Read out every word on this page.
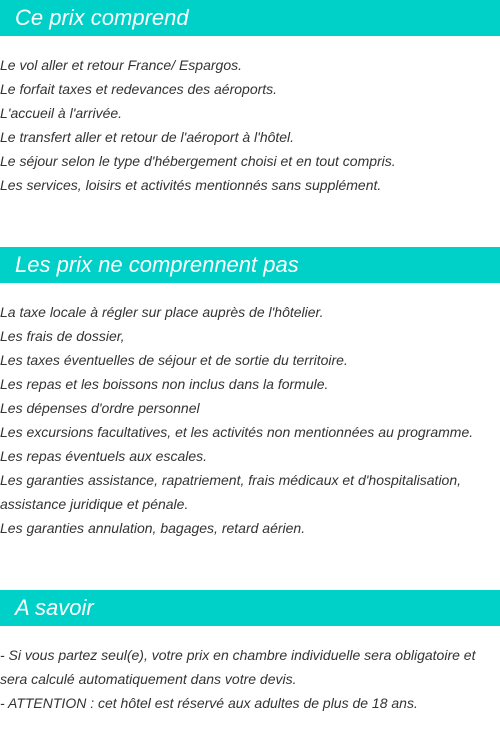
Ce prix comprend
Le vol aller et retour France/ Espargos.
Le forfait taxes et redevances des aéroports.
L'accueil à l'arrivée.
Le transfert aller et retour de l'aéroport à l'hôtel.
Le séjour selon le type d'hébergement choisi et en tout compris.
Les services, loisirs et activités mentionnés sans supplément.
Les prix ne comprennent pas
La taxe locale à régler sur place auprès de l'hôtelier.
Les frais de dossier,
Les taxes éventuelles de séjour et de sortie du territoire.
Les repas et les boissons non inclus dans la formule.
Les dépenses d'ordre personnel
Les excursions facultatives, et les activités non mentionnées au programme.
Les repas éventuels aux escales.
Les garanties assistance, rapatriement, frais médicaux et d'hospitalisation,
assistance juridique et pénale.
Les garanties annulation, bagages, retard aérien.
A savoir
- Si vous partez seul(e), votre prix en chambre individuelle sera obligatoire et
sera calculé automatiquement dans votre devis.
- ATTENTION : cet hôtel est réservé aux adultes de plus de 18 ans.
